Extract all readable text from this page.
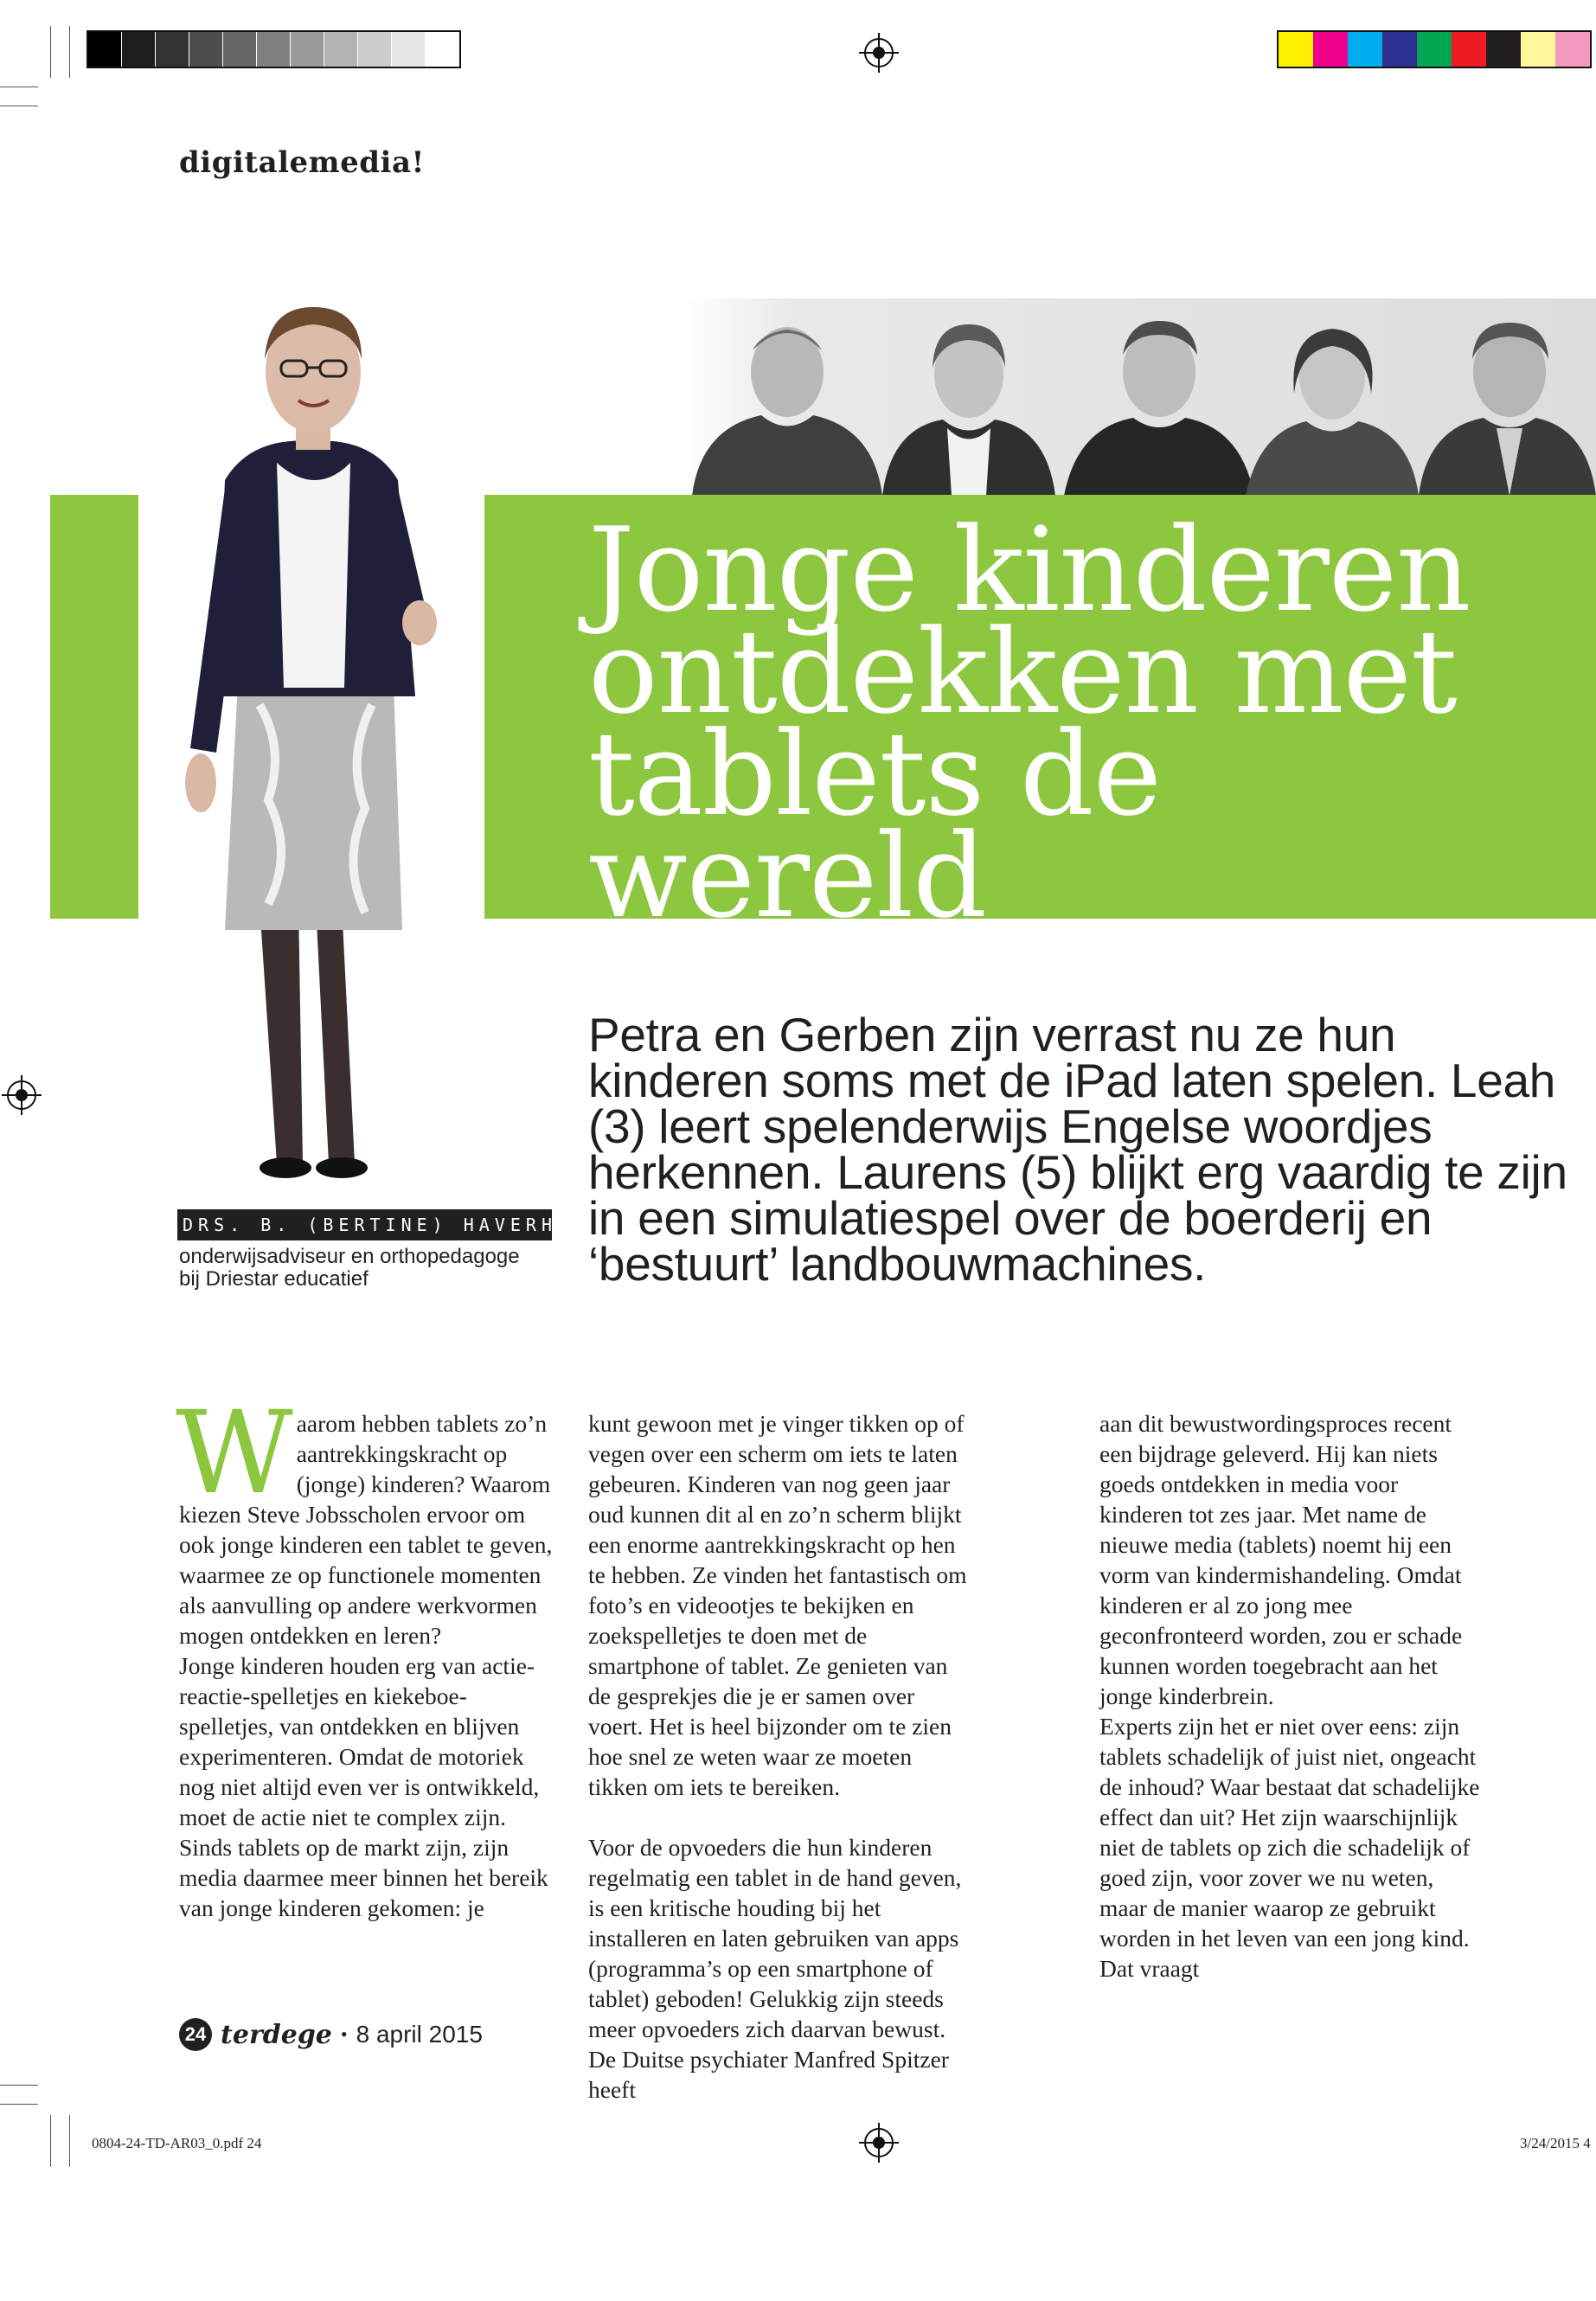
digitalemedia!
Jonge kinderen
ontdekken met
tablets de wereld
DRS. B. (BERTINE) HAVERHALS
onderwijsadviseur en orthopedagoge
bij Driestar educatief
Petra en Gerben zijn verrast nu ze hun kinderen soms met de iPad laten spelen. Leah (3) leert spelenderwijs Engelse woordjes herkennen. Laurens (5) blijkt erg vaardig te zijn in een simulatiespel over de boerderij en ‘bestuurt’ landbouwmachines.

Waarom hebben tablets zo’n aantrekkingskracht op (jonge) kinderen? Waarom kiezen Steve Jobsscholen ervoor om ook jonge kinderen een tablet te geven, waarmee ze op functionele momenten als aanvulling op andere werkvormen mogen ontdekken en leren?

Jonge kinderen houden erg van actie-reactie-spelletjes en kiekeboe-spelletjes, van ontdekken en blijven experimenteren. Omdat de motoriek nog niet altijd even ver is ontwikkeld, moet de actie niet te complex zijn.

Sinds tablets op de markt zijn, zijn media daarmee meer binnen het bereik van jonge kinderen gekomen: je

kunt gewoon met je vinger tikken op of vegen over een scherm om iets te laten gebeuren. Kinderen van nog geen jaar oud kunnen dit al en zo’n scherm blijkt een enorme aantrekkingskracht op hen te hebben. Ze vinden het fantastisch om foto’s en videootjes te bekijken en zoekspelletjes te doen met de smartphone of tablet. Ze genieten van de gesprekjes die je er samen over voert. Het is heel bijzonder om te zien hoe snel ze weten waar ze moeten tikken om iets te bereiken.

Voor de opvoeders die hun kinderen regelmatig een tablet in de hand geven, is een kritische houding bij het installeren en laten gebruiken van apps (programma’s op een smartphone of tablet) geboden! Gelukkig zijn steeds meer opvoeders zich daarvan bewust. De Duitse psychiater Manfred Spitzer heeft

aan dit bewustwordingsproces recent een bijdrage geleverd. Hij kan niets goeds ontdekken in media voor kinderen tot zes jaar. Met name de nieuwe media (tablets) noemt hij een vorm van kindermishandeling. Omdat kinderen er al zo jong mee geconfronteerd worden, zou er schade kunnen worden toegebracht aan het jonge kinderbrein.

Experts zijn het er niet over eens: zijn tablets schadelijk of juist niet, ongeacht de inhoud? Waar bestaat dat schadelijke effect dan uit? Het zijn waarschijnlijk niet de tablets op zich die schadelijk of goed zijn, voor zover we nu weten, maar de manier waarop ze gebruikt worden in het leven van een jong kind. Dat vraagt

24 terdege • 8 april 2015
0804-24-TD-AR03_0.pdf 24	3/24/2015 4
